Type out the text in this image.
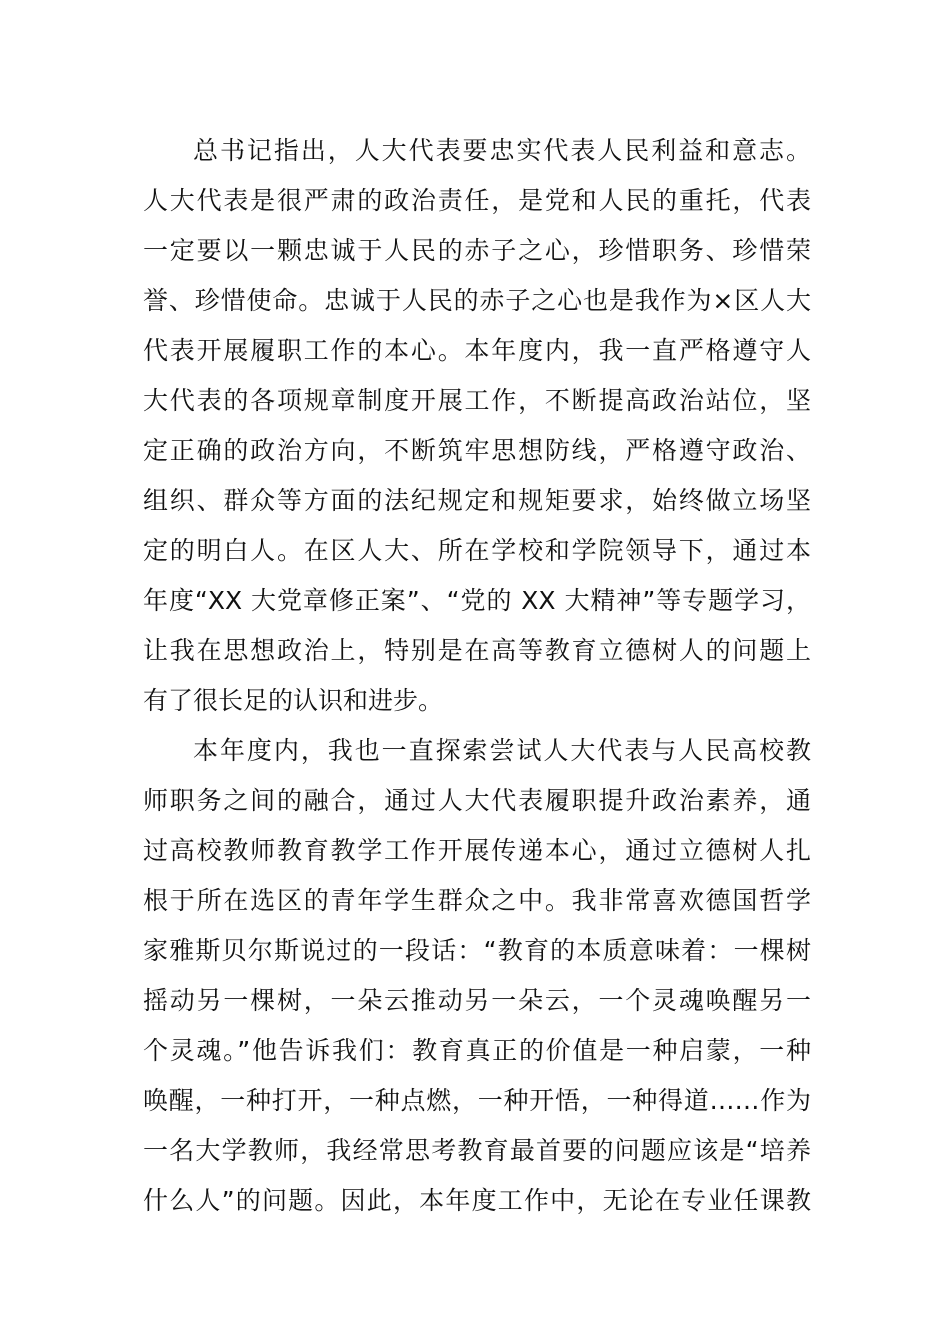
总书记指出，人大代表要忠实代表人民利益和意志。
人大代表是很严肃的政治责任，是党和人民的重托，代表
一定要以一颗忠诚于人民的赤子之心，珍惜职务、珍惜荣
誉、珍惜使命。忠诚于人民的赤子之心也是我作为×区人大
代表开展履职工作的本心。本年度内，我一直严格遵守人
大代表的各项规章制度开展工作，不断提高政治站位，坚
定正确的政治方向，不断筑牢思想防线，严格遵守政治、
组织、群众等方面的法纪规定和规矩要求，始终做立场坚
定的明白人。在区人大、所在学校和学院领导下，通过本
年度“XX 大党章修正案”、“党的 XX 大精神”等专题学习，
让我在思想政治上，特别是在高等教育立德树人的问题上
有了很长足的认识和进步。
本年度内，我也一直探索尝试人大代表与人民高校教
师职务之间的融合，通过人大代表履职提升政治素养，通
过高校教师教育教学工作开展传递本心，通过立德树人扎
根于所在选区的青年学生群众之中。我非常喜欢德国哲学
家雅斯贝尔斯说过的一段话：“教育的本质意味着：一棵树
摇动另一棵树，一朵云推动另一朵云，一个灵魂唤醒另一
个灵魂。”他告诉我们：教育真正的价值是一种启蒙，一种
唤醒，一种打开，一种点燃，一种开悟，一种得道……作为
一名大学教师，我经常思考教育最首要的问题应该是“培养
什么人”的问题。因此，本年度工作中，无论在专业任课教
